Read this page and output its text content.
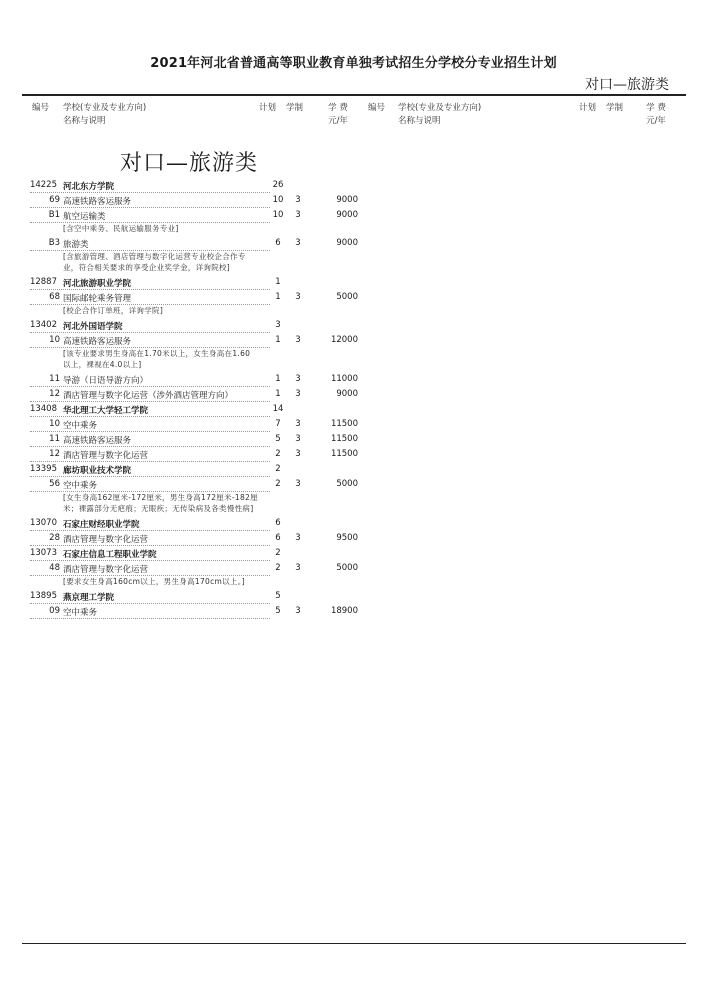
2021年河北省普通高等职业教育单独考试招生分学校分专业招生计划
对口—旅游类
编号 学校(专业及专业方向)
名称与说明
计划 学制	学 费
元/年
编号 学校(专业及专业方向)
名称与说明
计划 学制	学 费
元/年
对口—旅游类
14225 河北东方学院	26
69 高速铁路客运服务	10	3	9000
B1 航空运输类	10	3	9000
[含空中乘务、民航运输服务专业]
B3 旅游类	6	3	9000
[含旅游管理、酒店管理与数字化运营专业校企合作专业，符合相关要求的享受企业奖学金，详询院校]
12887 河北旅游职业学院	1
68 国际邮轮乘务管理	1	3	5000
[校企合作订单班，详询学院]
13402 河北外国语学院	3
10 高速铁路客运服务	1	3	12000
[该专业要求男生身高在1.70米以上，女生身高在1.60以上，裸视在4.0以上]
11 导游（日语导游方向）	1	3	11000
12 酒店管理与数字化运营（涉外酒店管理方向）	1	3	9000
13408 华北理工大学轻工学院	14
10 空中乘务	7	3	11500
11 高速铁路客运服务	5	3	11500
12 酒店管理与数字化运营	2	3	11500
13395 廊坊职业技术学院	2
56 空中乘务	2	3	5000
[女生身高162厘米-172厘米，男生身高172厘米-182厘米；裸露部分无疤痕；无眼疾；无传染病及各类慢性病]
13070 石家庄财经职业学院	6
28 酒店管理与数字化运营	6	3	9500
13073 石家庄信息工程职业学院	2
48 酒店管理与数字化运营	2	3	5000
[要求女生身高160cm以上，男生身高170cm以上。]
13895 燕京理工学院	5
09 空中乘务	5	3	18900
